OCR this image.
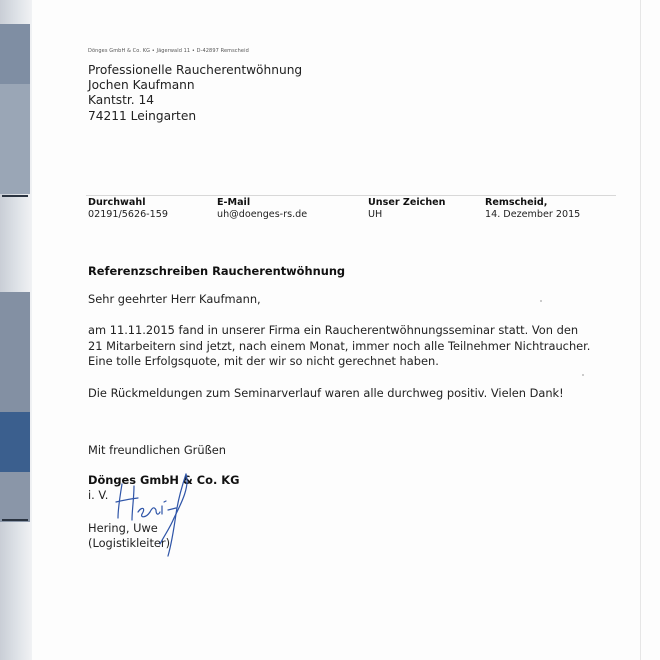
Dönges GmbH & Co. KG • Jägerwald 11 • D-42897 Remscheid
Professionelle Raucherentwöhnung
Jochen Kaufmann
Kantstr. 14
74211 Leingarten
Durchwahl
02191/5626-159
E-Mail
uh@doenges-rs.de
Unser Zeichen
UH
Remscheid,
14. Dezember 2015
Referenzschreiben Raucherentwöhnung
Sehr geehrter Herr Kaufmann,
am 11.11.2015 fand in unserer Firma ein Raucherentwöhnungsseminar statt. Von den
21 Mitarbeitern sind jetzt, nach einem Monat, immer noch alle Teilnehmer Nichtraucher.
Eine tolle Erfolgsquote, mit der wir so nicht gerechnet haben.
Die Rückmeldungen zum Seminarverlauf waren alle durchweg positiv. Vielen Dank!
Mit freundlichen Grüßen
Dönges GmbH & Co. KG
i. V.
Hering, Uwe
(Logistikleiter)
